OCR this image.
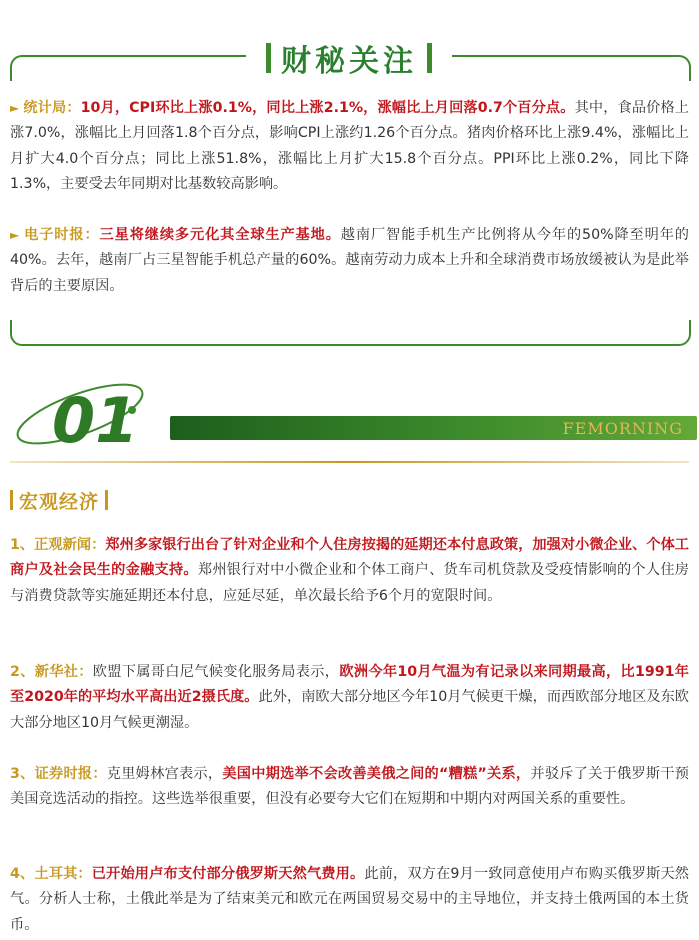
财秘关注

► 统计局：10月，CPI环比上涨0.1%，同比上涨2.1%，涨幅比上月回落0.7个百分点。其中，食品价格上涨7.0%，涨幅比上月回落1.8个百分点，影响CPI上涨约1.26个百分点。猪肉价格环比上涨9.4%，涨幅比上月扩大4.0个百分点；同比上涨51.8%，涨幅比上月扩大15.8个百分点。PPI环比上涨0.2%，同比下降1.3%，主要受去年同期对比基数较高影响。

► 电子时报：三星将继续多元化其全球生产基地。越南厂智能手机生产比例将从今年的50%降至明年的40%。去年，越南厂占三星智能手机总产量的60%。越南劳动力成本上升和全球消费市场放缓被认为是此举背后的主要原因。

01	FEMORNING
宏观经济

1、正观新闻：郑州多家银行出台了针对企业和个人住房按揭的延期还本付息政策，加强对小微企业、个体工商户及社会民生的金融支持。郑州银行对中小微企业和个体工商户、货车司机贷款及受疫情影响的个人住房与消费贷款等实施延期还本付息，应延尽延，单次最长给予6个月的宽限时间。

2、新华社：欧盟下属哥白尼气候变化服务局表示，欧洲今年10月气温为有记录以来同期最高，比1991年至2020年的平均水平高出近2摄氏度。此外，南欧大部分地区今年10月气候更干燥，而西欧部分地区及东欧大部分地区10月气候更潮湿。

3、证券时报：克里姆林宫表示，美国中期选举不会改善美俄之间的“糟糕”关系，并驳斥了关于俄罗斯干预美国竞选活动的指控。这些选举很重要，但没有必要夸大它们在短期和中期内对两国关系的重要性。

4、土耳其：已开始用卢布支付部分俄罗斯天然气费用。此前，双方在9月一致同意使用卢布购买俄罗斯天然气。分析人士称，土俄此举是为了结束美元和欧元在两国贸易交易中的主导地位，并支持土俄两国的本土货币。
